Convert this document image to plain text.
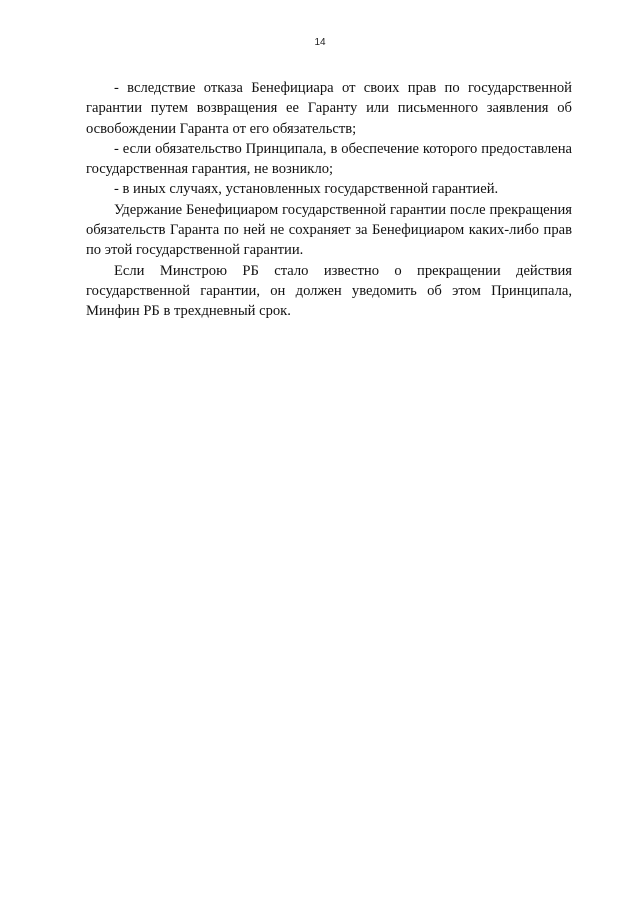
14

- вследствие отказа Бенефициара от своих прав по государственной гарантии путем возвращения ее Гаранту или письменного заявления об освобождении Гаранта от его обязательств;

- если обязательство Принципала, в обеспечение которого предоставлена государственная гарантия, не возникло;

- в иных случаях, установленных государственной гарантией.

Удержание Бенефициаром государственной гарантии после прекращения обязательств Гаранта по ней не сохраняет за Бенефициаром каких-либо прав по этой государственной гарантии.

Если Минстрою РБ стало известно о прекращении действия государственной гарантии, он должен уведомить об этом Принципала, Минфин РБ в трехдневный срок.
